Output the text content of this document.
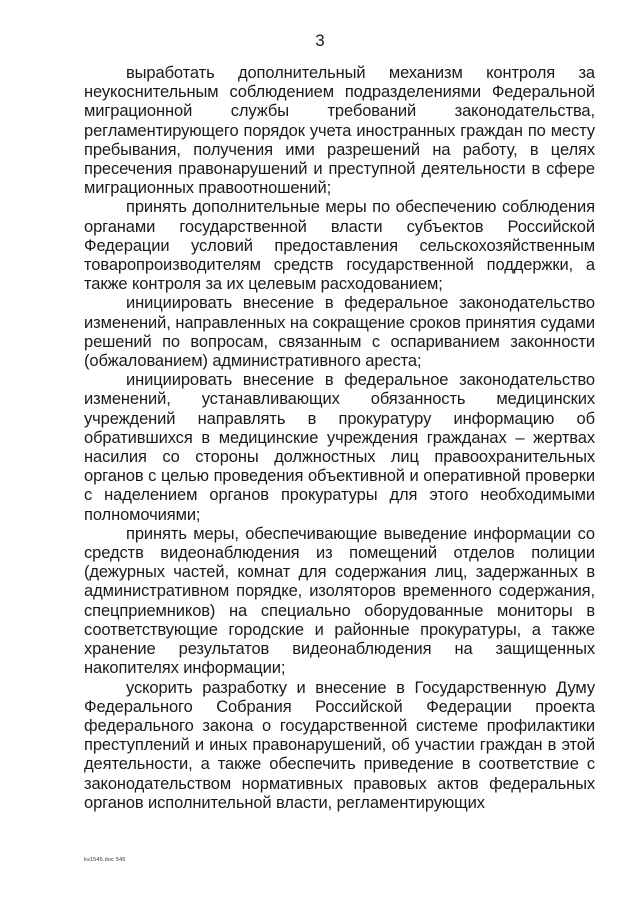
3

выработать дополнительный механизм контроля за неукоснительным соблюдением подразделениями Федеральной миграционной службы требований законодательства, регламентирующего порядок учета иностранных граждан по месту пребывания, получения ими разрешений на работу, в целях пресечения правонарушений и преступной деятельности в сфере миграционных правоотношений;

принять дополнительные меры по обеспечению соблюдения органами государственной власти субъектов Российской Федерации условий предоставления сельскохозяйственным товаропроизводителям средств государственной поддержки, а также контроля за их целевым расходованием;

инициировать внесение в федеральное законодательство изменений, направленных на сокращение сроков принятия судами решений по вопросам, связанным с оспариванием законности (обжалованием) административного ареста;

инициировать внесение в федеральное законодательство изменений, устанавливающих обязанность медицинских учреждений направлять в прокуратуру информацию об обратившихся в медицинские учреждения гражданах – жертвах насилия со стороны должностных лиц правоохранительных органов с целью проведения объективной и оперативной проверки с наделением органов прокуратуры для этого необходимыми полномочиями;

принять меры, обеспечивающие выведение информации со средств видеонаблюдения из помещений отделов полиции (дежурных частей, комнат для содержания лиц, задержанных в административном порядке, изоляторов временного содержания, спецприемников) на специально оборудованные мониторы в соответствующие городские и районные прокуратуры, а также хранение результатов видеонаблюдения на защищенных накопителях информации;

ускорить разработку и внесение в Государственную Думу Федерального Собрания Российской Федерации проекта федерального закона о государственной системе профилактики преступлений и иных правонарушений, об участии граждан в этой деятельности, а также обеспечить приведение в соответствие с законодательством нормативных правовых актов федеральных органов исполнительной власти, регламентирующих

ks1546.doc 545
